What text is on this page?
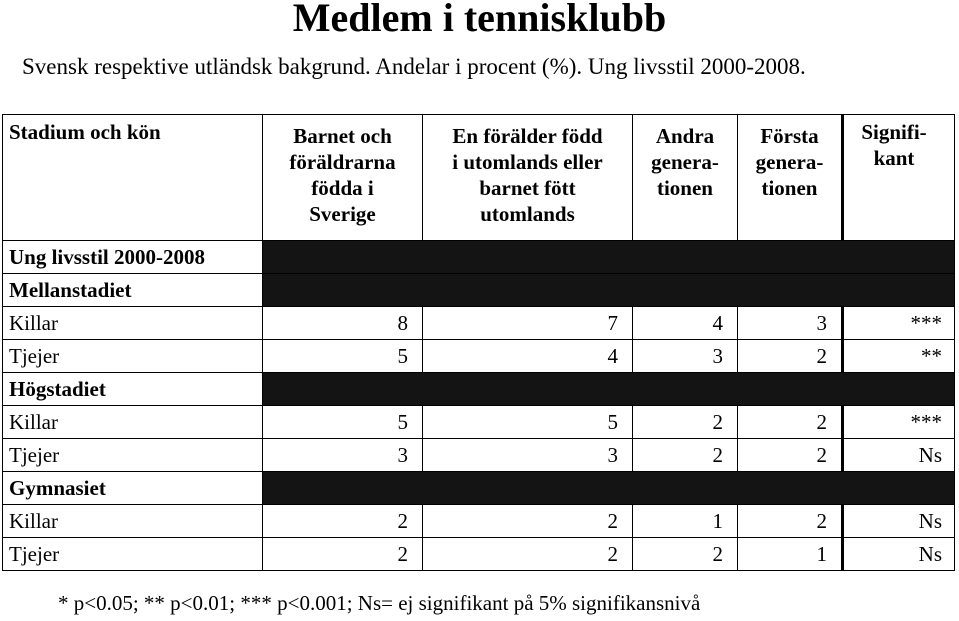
Medlem i tennisklubb
Svensk respektive utländsk bakgrund. Andelar i procent (%). Ung livsstil 2000-2008.
Stadium och kön	Barnet och
föräldrarna
födda i
Sverige	En förälder född
i utomlands eller
barnet fött
utomlands	Andra
genera-
tionen	Första
genera-
tionen	Signifi-
kant
Ung livsstil 2000-2008					
Mellanstadiet					
Killar	8	7	4	3	***
Tjejer	5	4	3	2	**
Högstadiet					
Killar	5	5	2	2	***
Tjejer	3	3	2	2	Ns
Gymnasiet					
Killar	2	2	1	2	Ns
Tjejer	2	2	2	1	Ns
* p<0.05; ** p<0.01; *** p<0.001; Ns= ej signifikant på 5% signifikansnivå
